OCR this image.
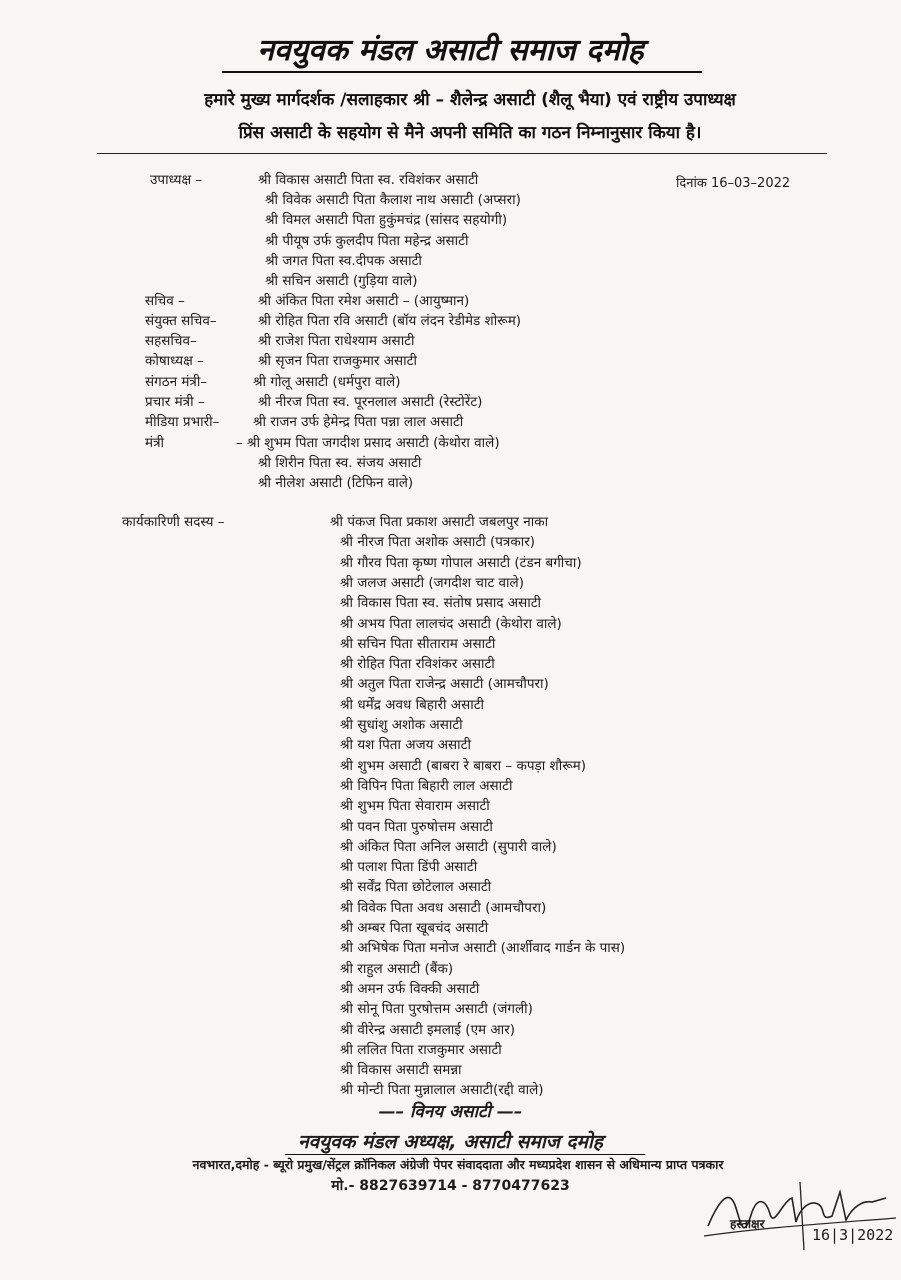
नवयुवक मंडल असाटी समाज दमोह
हमारे मुख्य मार्गदर्शक /सलाहकार श्री – शैलेन्द्र असाटी (शैलू भैया) एवं राष्ट्रीय उपाध्यक्ष
प्रिंस असाटी के सहयोग से मैने अपनी समिति का गठन निम्नानुसार किया है।
दिनांक 16–03–2022
उपाध्यक्ष –	श्री विकास असाटी पिता स्व. रविशंकर असाटी
श्री विवेक असाटी पिता कैलाश नाथ असाटी (अप्सरा)
श्री विमल असाटी पिता हुकुंमचंद्र (सांसद सहयोगी)
श्री पीयूष उर्फ कुलदीप पिता महेन्द्र असाटी
श्री जगत पिता स्व.दीपक असाटी
श्री सचिन असाटी (गुड़िया वाले)
सचिव –	श्री अंकित पिता रमेश असाटी – (आयुष्मान)
संयुक्त सचिव–	श्री रोहित पिता रवि असाटी (बॉय लंदन रेडीमेड शोरूम)
सहसचिव–	श्री राजेश पिता राधेश्याम असाटी
कोषाध्यक्ष –	श्री सृजन पिता राजकुमार असाटी
संगठन मंत्री–	श्री गोलू असाटी (धर्मपुरा वाले)
प्रचार मंत्री –	श्री नीरज पिता स्व. पूरनलाल असाटी (रेस्टोरेंट)
मीडिया प्रभारी– श्री राजन उर्फ हेमेन्द्र पिता पन्ना लाल असाटी
मंत्री	– श्री शुभम पिता जगदीश प्रसाद असाटी (केथोरा वाले)
श्री शिरीन पिता स्व. संजय असाटी
श्री नीलेश असाटी (टिफिन वाले)
कार्यकारिणी सदस्य –	श्री पंकज पिता प्रकाश असाटी जबलपुर नाका
श्री नीरज पिता अशोक असाटी (पत्रकार)
श्री गौरव पिता कृष्ण गोपाल असाटी (टंडन बगीचा)
श्री जलज असाटी (जगदीश चाट वाले)
श्री विकास पिता स्व. संतोष प्रसाद असाटी
श्री अभय पिता लालचंद असाटी (केथोरा वाले)
श्री सचिन पिता सीताराम असाटी
श्री रोहित पिता रविशंकर असाटी
श्री अतुल पिता राजेन्द्र असाटी (आमचौपरा)
श्री धर्मेंद्र अवध बिहारी असाटी
श्री सुधांशु अशोक असाटी
श्री यश पिता अजय असाटी
श्री शुभम असाटी (बाबरा रे बाबरा – कपड़ा शौरूम)
श्री विपिन पिता बिहारी लाल असाटी
श्री शुभम पिता सेवाराम असाटी
श्री पवन पिता पुरुषोत्तम असाटी
श्री अंकित पिता अनिल असाटी (सुपारी वाले)
श्री पलाश पिता डिंपी असाटी
श्री सर्वेंद्र पिता छोटेलाल असाटी
श्री विवेक पिता अवध असाटी (आमचौपरा)
श्री अम्बर पिता खूबचंद असाटी
श्री अभिषेक पिता मनोज असाटी (आर्शीवाद गार्डन के पास)
श्री राहुल असाटी (बैंक)
श्री अमन उर्फ विक्की असाटी
श्री सोनू पिता पुरषोत्तम असाटी (जंगली)
श्री वीरेन्द्र असाटी इमलाई (एम आर)
श्री ललित पिता राजकुमार असाटी
श्री विकास असाटी समन्ना
श्री मोन्टी पिता मुन्नालाल असाटी(रद्दी वाले)
—– विनय असाटी —–
नवयुवक मंडल अध्यक्ष, असाटी समाज दमोह
नवभारत,दमोह - ब्यूरो प्रमुख/सेंट्रल क्रॉनिकल अंग्रेजी पेपर संवाददाता और मध्यप्रदेश शासन से अधिमान्य प्राप्त पत्रकार
मो.- 8827639714 - 8770477623
हस्ताक्षर
16|3|2022
